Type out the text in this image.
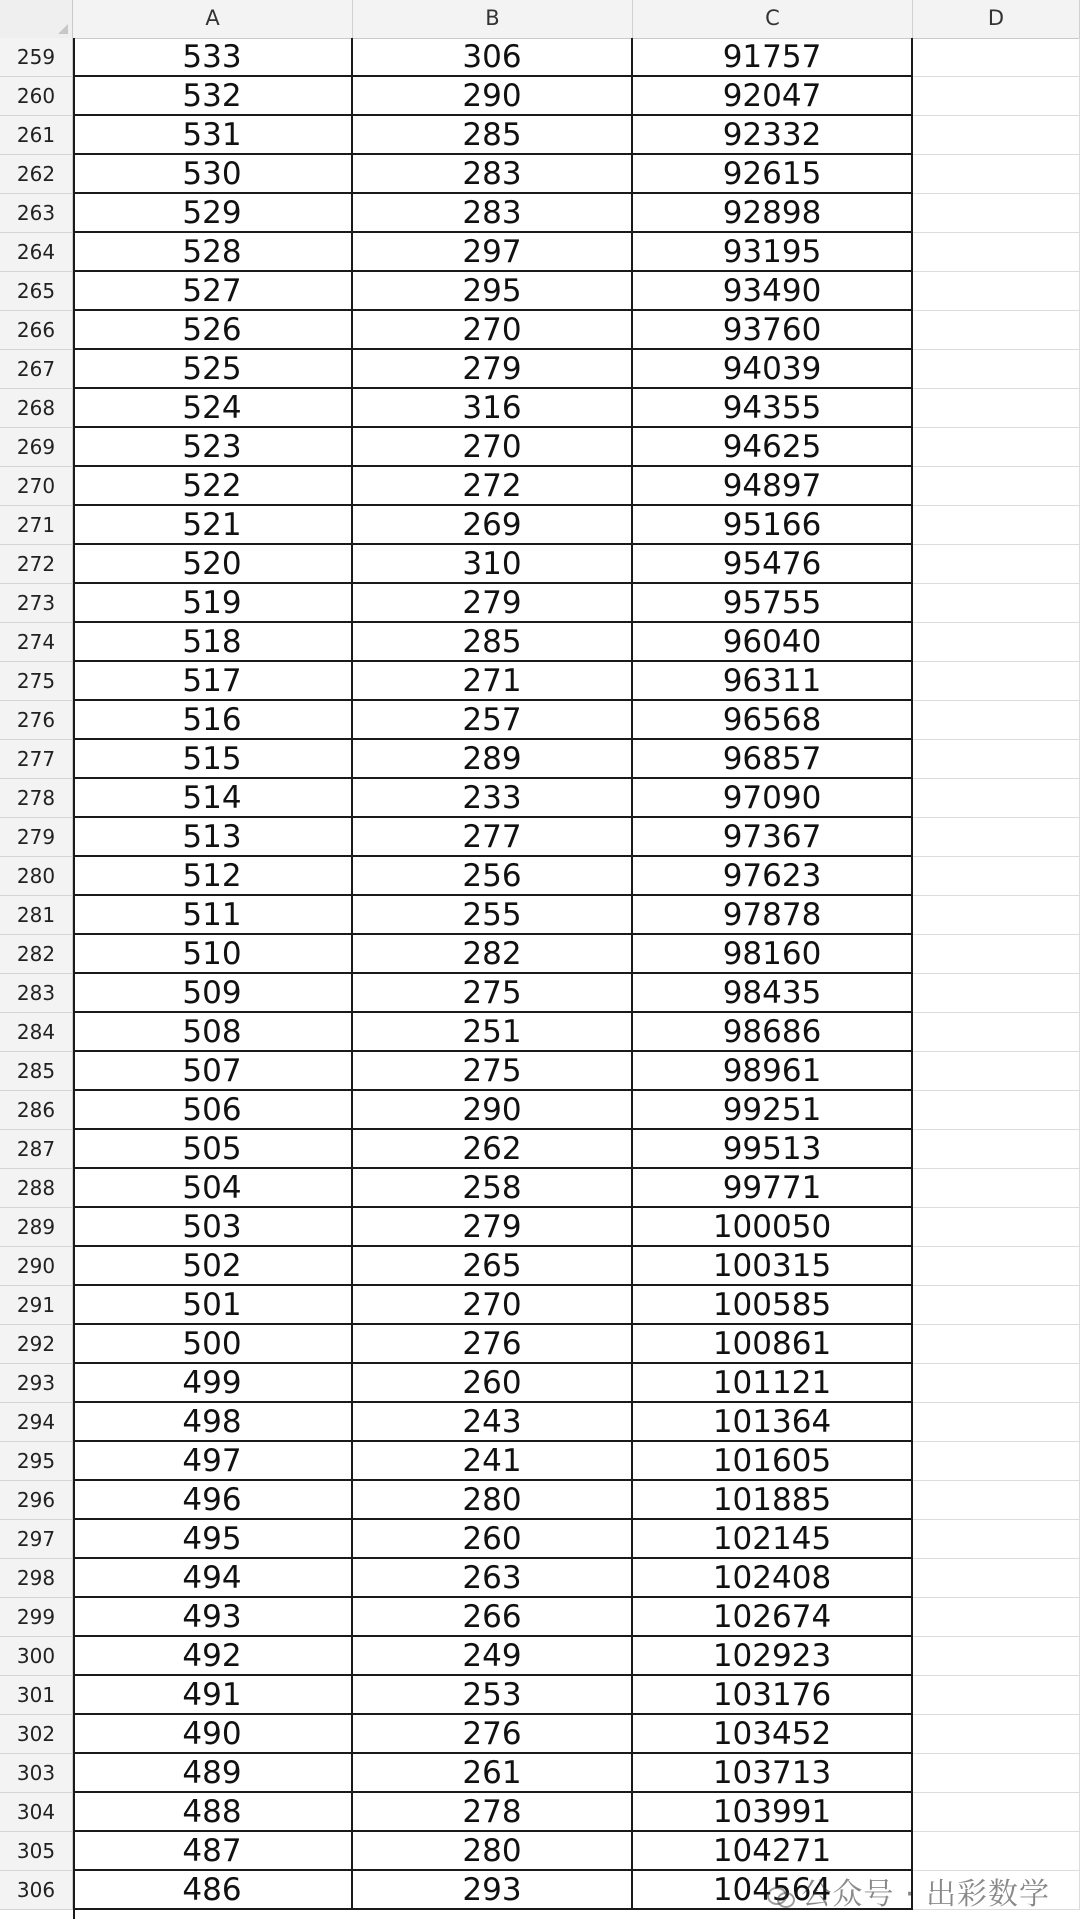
A	B	C	D
259	533	306	91757
260	532	290	92047
261	531	285	92332
262	530	283	92615
263	529	283	92898
264	528	297	93195
265	527	295	93490
266	526	270	93760
267	525	279	94039
268	524	316	94355
269	523	270	94625
270	522	272	94897
271	521	269	95166
272	520	310	95476
273	519	279	95755
274	518	285	96040
275	517	271	96311
276	516	257	96568
277	515	289	96857
278	514	233	97090
279	513	277	97367
280	512	256	97623
281	511	255	97878
282	510	282	98160
283	509	275	98435
284	508	251	98686
285	507	275	98961
286	506	290	99251
287	505	262	99513
288	504	258	99771
289	503	279	100050
290	502	265	100315
291	501	270	100585
292	500	276	100861
293	499	260	101121
294	498	243	101364
295	497	241	101605
296	496	280	101885
297	495	260	102145
298	494	263	102408
299	493	266	102674
300	492	249	102923
301	491	253	103176
302	490	276	103452
303	489	261	103713
304	488	278	103991
305	487	280	104271
306	486	293	104564
公众号 · 出彩数学
